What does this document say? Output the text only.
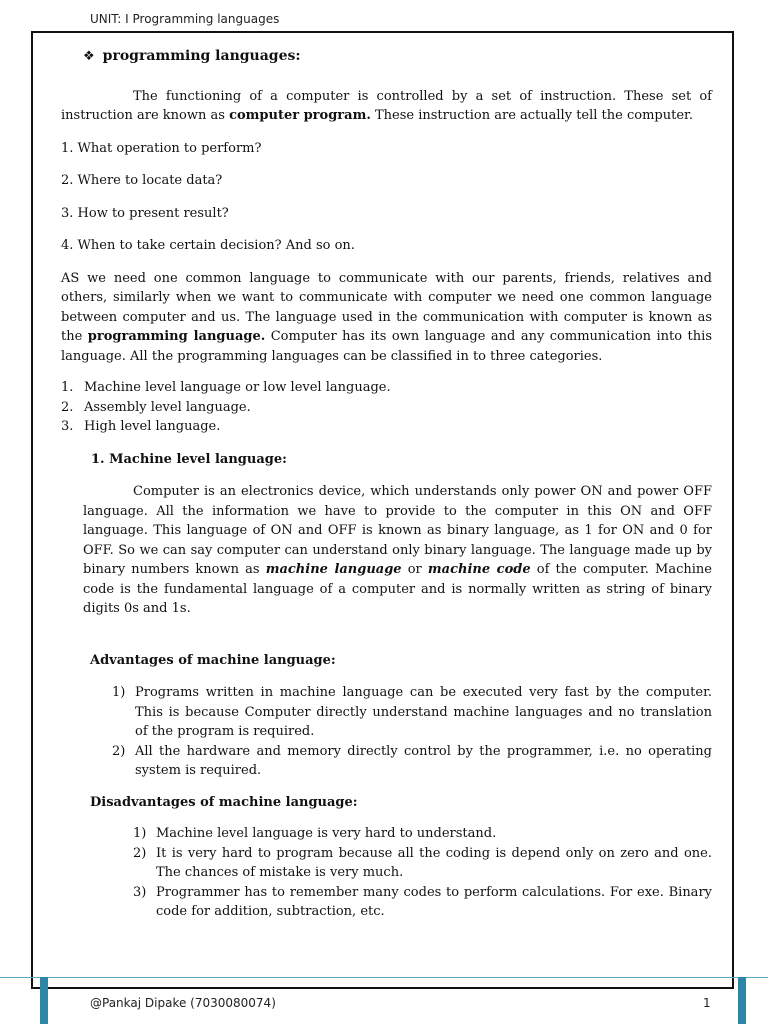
UNIT: I Programming languages
❖ programming languages:

The functioning of a computer is controlled by a set of instruction. These set of instruction are known as computer program. These instruction are actually tell the computer.

1. What operation to perform?

2. Where to locate data?

3. How to present result?

4. When to take certain decision? And so on.

AS we need one common language to communicate with our parents, friends, relatives and others, similarly when we want to communicate with computer we need one common language between computer and us. The language used in the communication with computer is known as the programming language. Computer has its own language and any communication into this language. All the programming languages can be classified in to three categories.

1. Machine level language or low level language.
2. Assembly level language.
3. High level language.
1. Machine level language:

Computer is an electronics device, which understands only power ON and power OFF language. All the information we have to provide to the computer in this ON and OFF language. This language of ON and OFF is known as binary language, as 1 for ON and 0 for OFF. So we can say computer can understand only binary language. The language made up by binary numbers known as machine language or machine code of the computer. Machine code is the fundamental language of a computer and is normally written as string of binary digits 0s and 1s.

Advantages of machine language:
1) Programs written in machine language can be executed very fast by the computer. This is because Computer directly understand machine languages and no translation of the program is required.

2) All the hardware and memory directly control by the programmer, i.e. no operating system is required.

Disadvantages of machine language:
1) Machine level language is very hard to understand.

2) It is very hard to program because all the coding is depend only on zero and one. The chances of mistake is very much.

3) Programmer has to remember many codes to perform calculations. For exe. Binary code for addition, subtraction, etc.

@Pankaj Dipake (7030080074)	1
